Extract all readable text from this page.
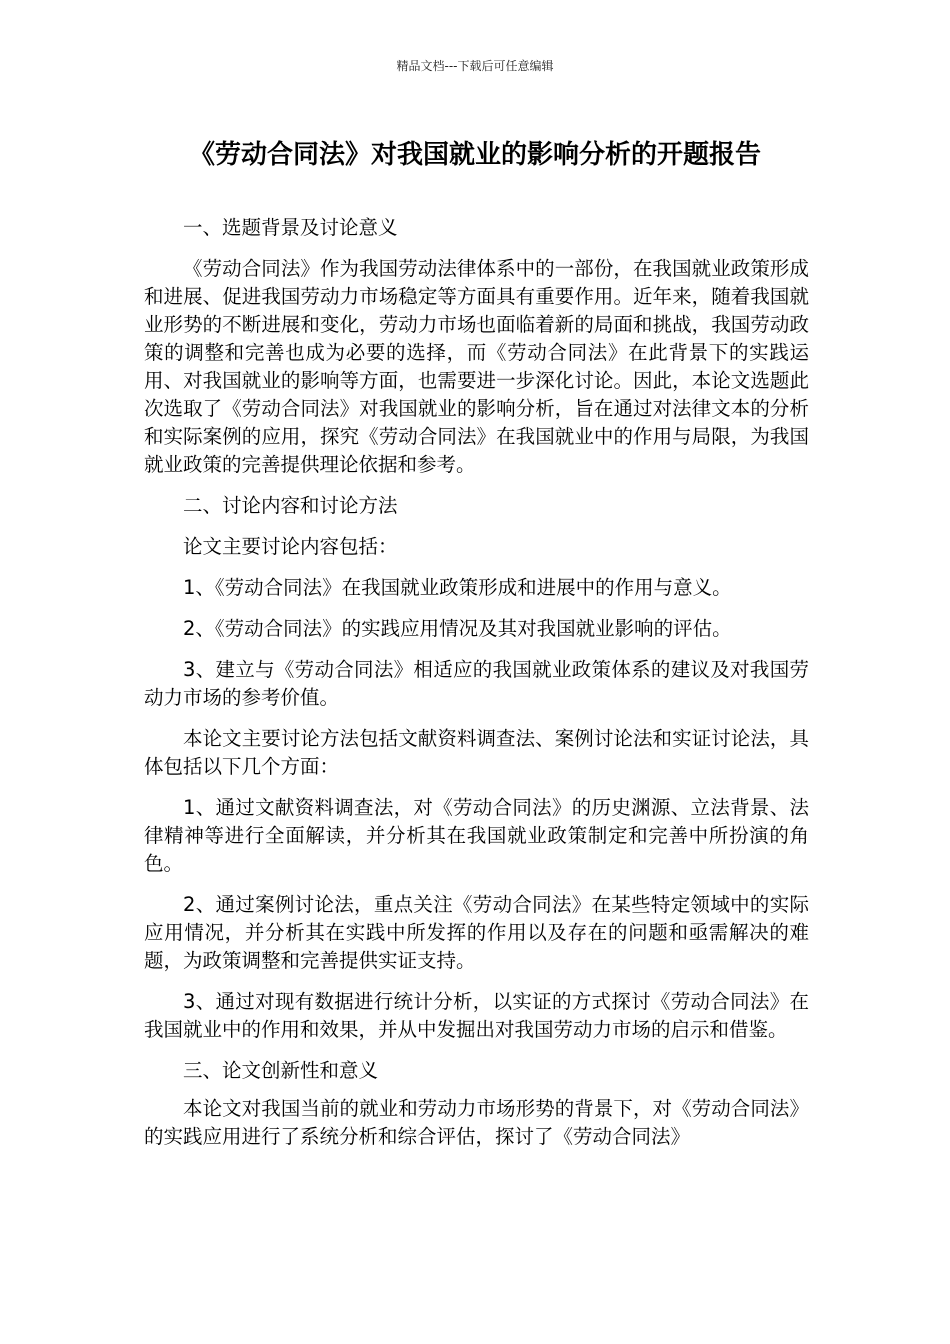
精品文档---下载后可任意编辑
《劳动合同法》对我国就业的影响分析的开题报告

一、选题背景及讨论意义

《劳动合同法》作为我国劳动法律体系中的一部份，在我国就业政策形成和进展、促进我国劳动力市场稳定等方面具有重要作用。近年来，随着我国就业形势的不断进展和变化，劳动力市场也面临着新的局面和挑战，我国劳动政策的调整和完善也成为必要的选择，而《劳动合同法》在此背景下的实践运用、对我国就业的影响等方面，也需要进一步深化讨论。因此，本论文选题此次选取了《劳动合同法》对我国就业的影响分析，旨在通过对法律文本的分析和实际案例的应用，探究《劳动合同法》在我国就业中的作用与局限，为我国就业政策的完善提供理论依据和参考。

二、讨论内容和讨论方法

论文主要讨论内容包括：

1、《劳动合同法》在我国就业政策形成和进展中的作用与意义。

2、《劳动合同法》的实践应用情况及其对我国就业影响的评估。

3、建立与《劳动合同法》相适应的我国就业政策体系的建议及对我国劳动力市场的参考价值。

本论文主要讨论方法包括文献资料调查法、案例讨论法和实证讨论法，具体包括以下几个方面：

1、通过文献资料调查法，对《劳动合同法》的历史渊源、立法背景、法律精神等进行全面解读，并分析其在我国就业政策制定和完善中所扮演的角色。

2、通过案例讨论法，重点关注《劳动合同法》在某些特定领域中的实际应用情况，并分析其在实践中所发挥的作用以及存在的问题和亟需解决的难题，为政策调整和完善提供实证支持。

3、通过对现有数据进行统计分析，以实证的方式探讨《劳动合同法》在我国就业中的作用和效果，并从中发掘出对我国劳动力市场的启示和借鉴。

三、论文创新性和意义

本论文对我国当前的就业和劳动力市场形势的背景下，对《劳动合同法》的实践应用进行了系统分析和综合评估，探讨了《劳动合同法》
